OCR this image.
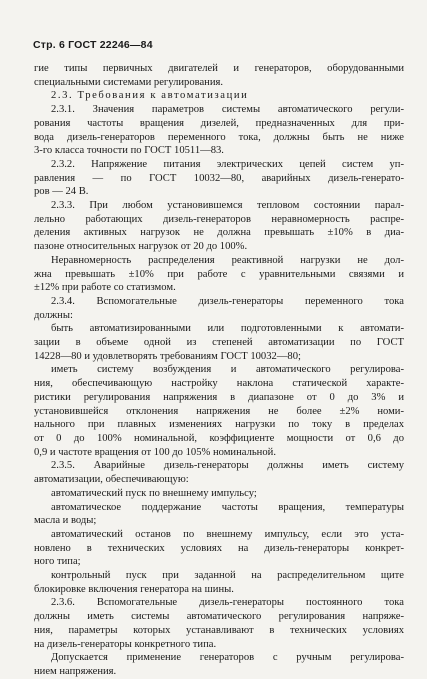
Стр. 6 ГОСТ 22246—84

гие типы первичных двигателей и генераторов, оборудованными

специальными системами регулирования.

2.3. Требования к автоматизации

2.3.1. Значения параметров системы автоматического регули-

рования частоты вращения дизелей, предназначенных для при-

вода дизель-генераторов переменного тока, должны быть не ниже

3-го класса точности по ГОСТ 10511—83.

2.3.2. Напряжение питания электрических цепей систем уп-

равления — по ГОСТ 10032—80, аварийных дизель-генерато-

ров — 24 В.

2.3.3. При любом установившемся тепловом состоянии парал-

лельно работающих дизель-генераторов неравномерность распре-

деления активных нагрузок не должна превышать ±10% в диа-

пазоне относительных нагрузок от 20 до 100%.

Неравномерность распределения реактивной нагрузки не дол-

жна превышать ±10% при работе с уравнительными связями и

±12% при работе со статизмом.

2.3.4. Вспомогательные дизель-генераторы переменного тока

должны:

быть автоматизированными или подготовленными к автомати-

зации в объеме одной из степеней автоматизации по ГОСТ

14228—80 и удовлетворять требованиям ГОСТ 10032—80;

иметь систему возбуждения и автоматического регулирова-

ния, обеспечивающую настройку наклона статической характе-

ристики регулирования напряжения в диапазоне от 0 до 3% и

установившейся отклонения напряжения не более ±2% номи-

нального при плавных изменениях нагрузки по току в пределах

от 0 до 100% номинальной, коэффициенте мощности от 0,6 до

0,9 и частоте вращения от 100 до 105% номинальной.

2.3.5. Аварийные дизель-генераторы должны иметь систему

автоматизации, обеспечивающую:

автоматический пуск по внешнему импульсу;

автоматическое поддержание частоты вращения, температуры

масла и воды;

автоматический останов по внешнему импульсу, если это уста-

новлено в технических условиях на дизель-генераторы конкрет-

ного типа;

контрольный пуск при заданной на распределительном щите

блокировке включения генератора на шины.

2.3.6. Вспомогательные дизель-генераторы постоянного тока

должны иметь системы автоматического регулирования напряже-

ния, параметры которых устанавливают в технических условиях

на дизель-генераторы конкретного типа.

Допускается применение генераторов с ручным регулирова-

нием напряжения.
